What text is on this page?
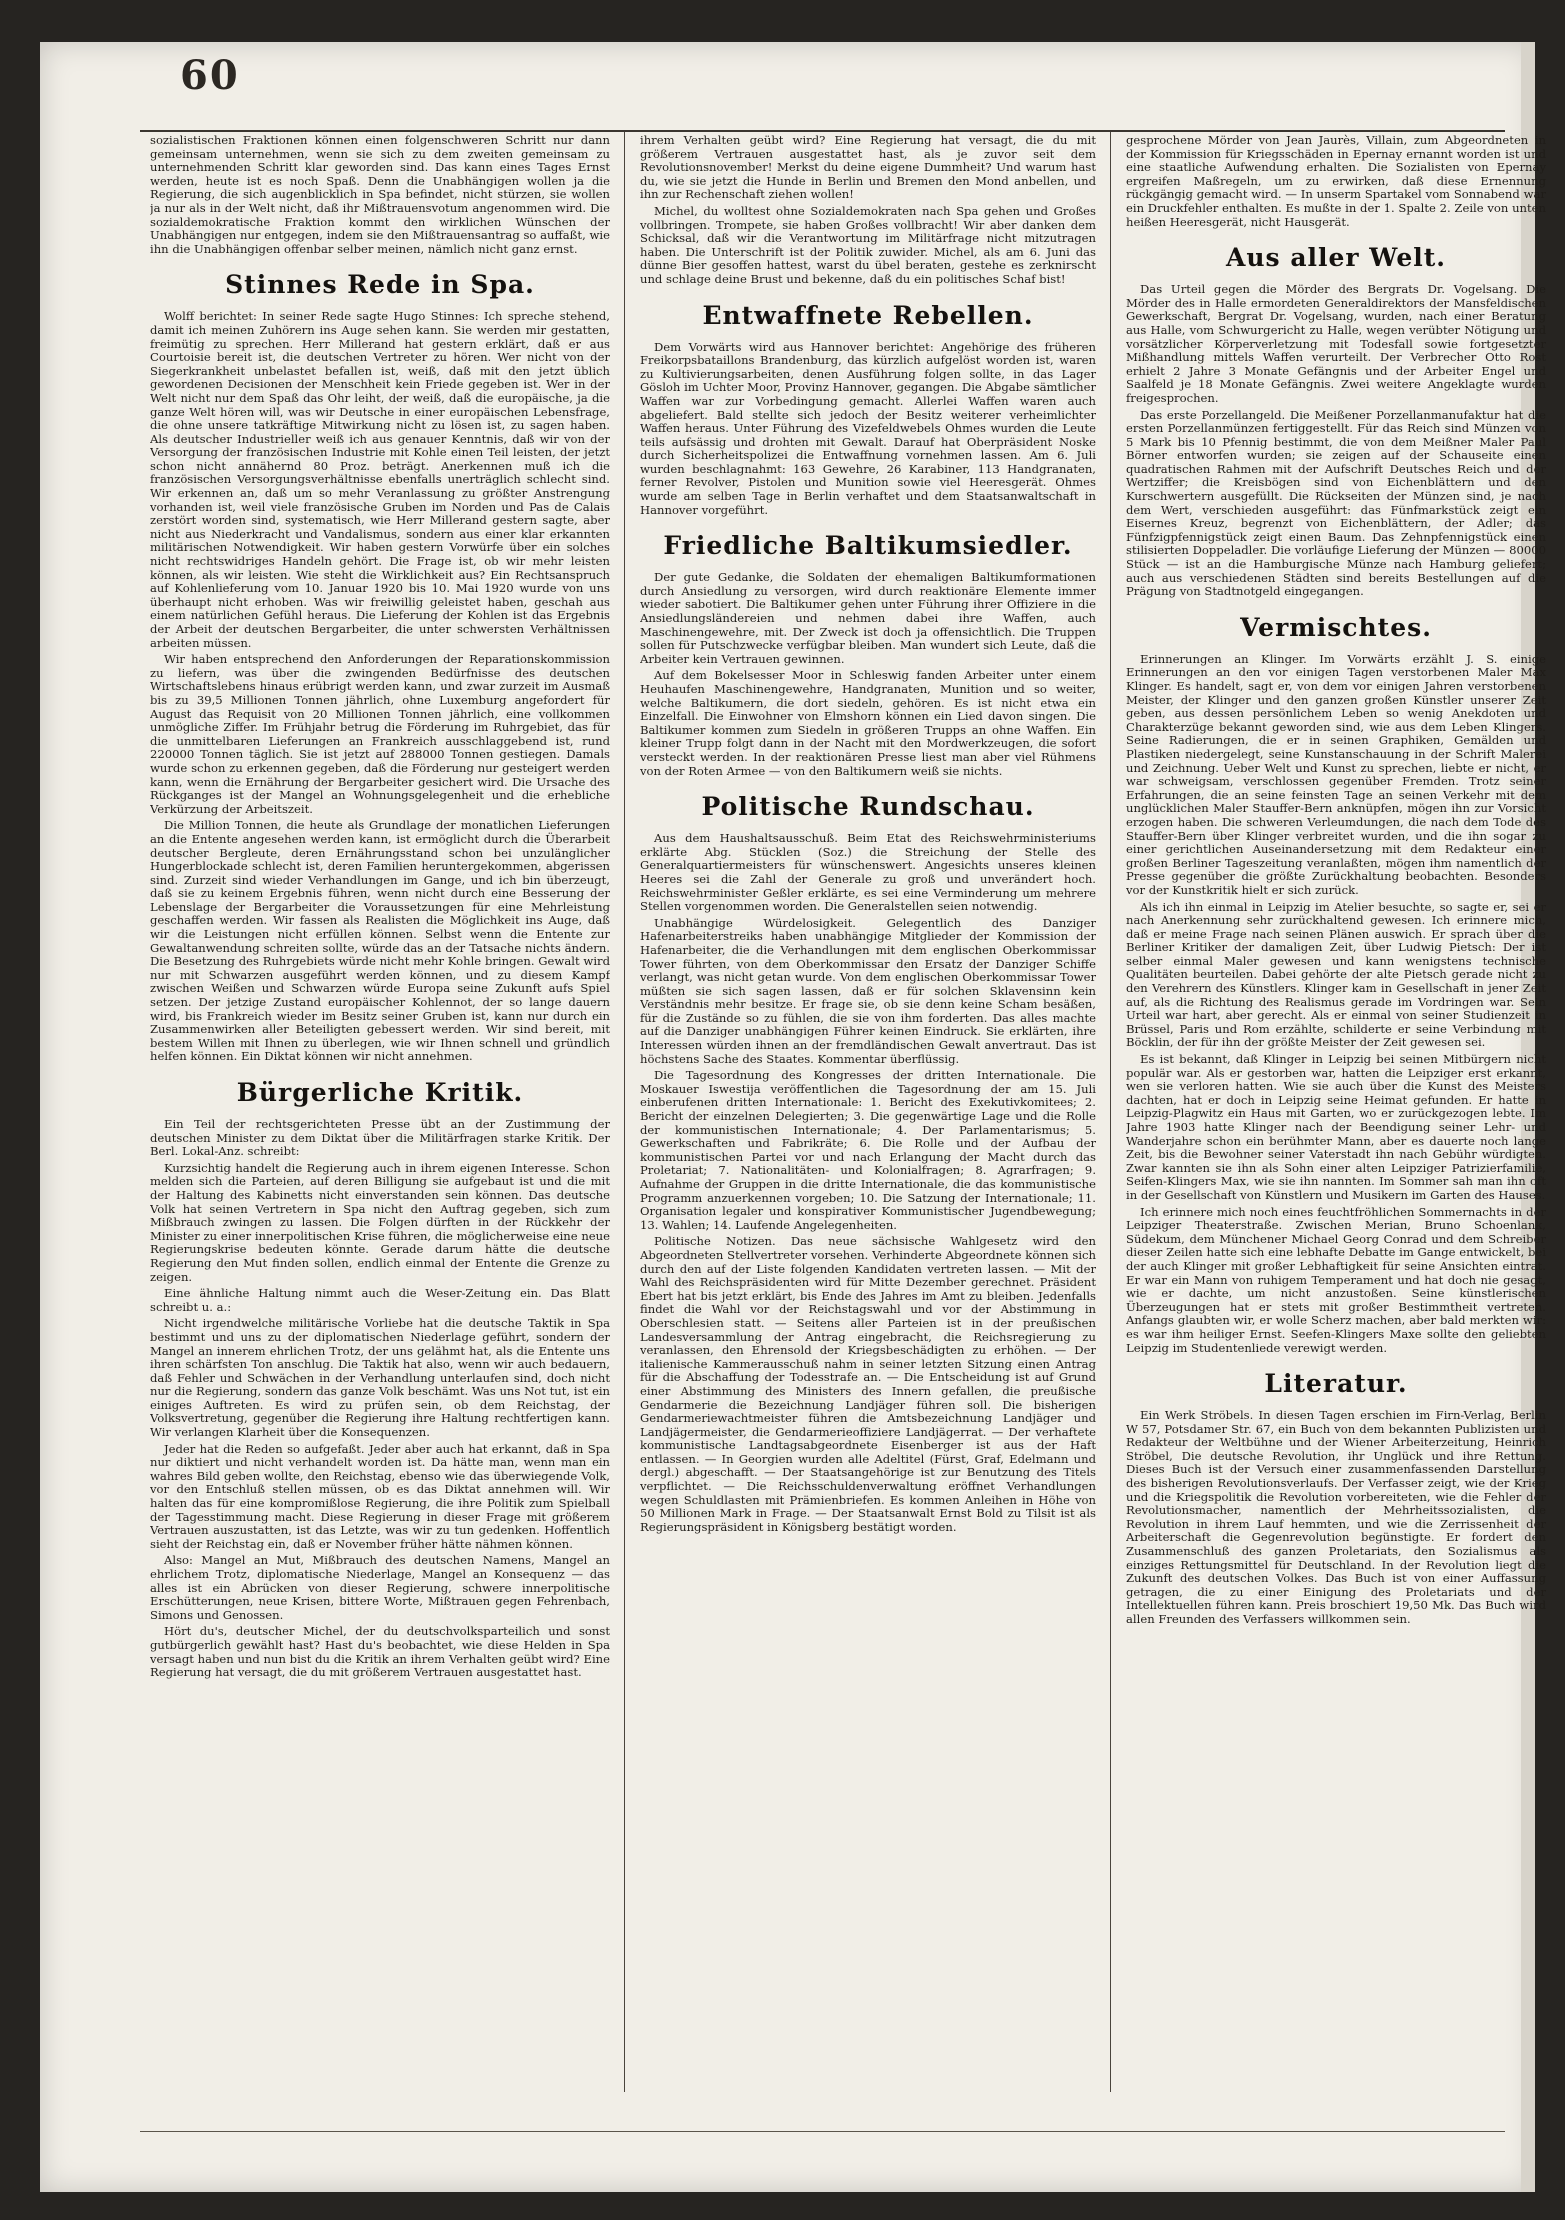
60

sozialistischen Fraktionen können einen folgenschweren Schritt nur dann gemeinsam unternehmen, wenn sie sich zu dem zweiten gemeinsam zu unternehmenden Schritt klar geworden sind. Das kann eines Tages Ernst werden, heute ist es noch Spaß. Denn die Unabhängigen wollen ja die Regierung, die sich augenblicklich in Spa befindet, nicht stürzen, sie wollen ja nur als in der Welt nicht, daß ihr Mißtrauensvotum angenommen wird. Die sozialdemokratische Fraktion kommt den wirklichen Wünschen der Unabhängigen nur entgegen, indem sie den Mißtrauensantrag so auffaßt, wie ihn die Unabhängigen offenbar selber meinen, nämlich nicht ganz ernst.

Stinnes Rede in Spa.

Wolff berichtet: In seiner Rede sagte Hugo Stinnes: Ich spreche stehend, damit ich meinen Zuhörern ins Auge sehen kann. Sie werden mir gestatten, freimütig zu sprechen. Herr Millerand hat gestern erklärt, daß er aus Courtoisie bereit ist, die deutschen Vertreter zu hören. Wer nicht von der Siegerkrankheit unbelastet befallen ist, weiß, daß mit den jetzt üblich gewordenen Decisionen der Menschheit kein Friede gegeben ist. Wer in der Welt nicht nur dem Spaß das Ohr leiht, der weiß, daß die europäische, ja die ganze Welt hören will, was wir Deutsche in einer europäischen Lebensfrage, die ohne unsere tatkräftige Mitwirkung nicht zu lösen ist, zu sagen haben. Als deutscher Industrieller weiß ich aus genauer Kenntnis, daß wir von der Versorgung der französischen Industrie mit Kohle einen Teil leisten, der jetzt schon nicht annähernd 80 Proz. beträgt. Anerkennen muß ich die französischen Versorgungsverhältnisse ebenfalls unerträglich schlecht sind. Wir erkennen an, daß um so mehr Veranlassung zu größter Anstrengung vorhanden ist, weil viele französische Gruben im Norden und Pas de Calais zerstört worden sind, systematisch, wie Herr Millerand gestern sagte, aber nicht aus Niederkracht und Vandalismus, sondern aus einer klar erkannten militärischen Notwendigkeit. Wir haben gestern Vorwürfe über ein solches nicht rechtswidriges Handeln gehört. Die Frage ist, ob wir mehr leisten können, als wir leisten. Wie steht die Wirklichkeit aus? Ein Rechtsanspruch auf Kohlenlieferung vom 10. Januar 1920 bis 10. Mai 1920 wurde von uns überhaupt nicht erhoben. Was wir freiwillig geleistet haben, geschah aus einem natürlichen Gefühl heraus. Die Lieferung der Kohlen ist das Ergebnis der Arbeit der deutschen Bergarbeiter, die unter schwersten Verhältnissen arbeiten müssen.

Wir haben entsprechend den Anforderungen der Reparationskommission zu liefern, was über die zwingenden Bedürfnisse des deutschen Wirtschaftslebens hinaus erübrigt werden kann, und zwar zurzeit im Ausmaß bis zu 39,5 Millionen Tonnen jährlich, ohne Luxemburg angefordert für August das Requisit von 20 Millionen Tonnen jährlich, eine vollkommen unmögliche Ziffer. Im Frühjahr betrug die Förderung im Ruhrgebiet, das für die unmittelbaren Lieferungen an Frankreich ausschlaggebend ist, rund 220000 Tonnen täglich. Sie ist jetzt auf 288000 Tonnen gestiegen. Damals wurde schon zu erkennen gegeben, daß die Förderung nur gesteigert werden kann, wenn die Ernährung der Bergarbeiter gesichert wird. Die Ursache des Rückganges ist der Mangel an Wohnungsgelegenheit und die erhebliche Verkürzung der Arbeitszeit.

Die Million Tonnen, die heute als Grundlage der monatlichen Lieferungen an die Entente angesehen werden kann, ist ermöglicht durch die Überarbeit deutscher Bergleute, deren Ernährungsstand schon bei unzulänglicher Hungerblockade schlecht ist, deren Familien heruntergekommen, abgerissen sind. Zurzeit sind wieder Verhandlungen im Gange, und ich bin überzeugt, daß sie zu keinem Ergebnis führen, wenn nicht durch eine Besserung der Lebenslage der Bergarbeiter die Voraussetzungen für eine Mehrleistung geschaffen werden. Wir fassen als Realisten die Möglichkeit ins Auge, daß wir die Leistungen nicht erfüllen können. Selbst wenn die Entente zur Gewaltanwendung schreiten sollte, würde das an der Tatsache nichts ändern. Die Besetzung des Ruhrgebiets würde nicht mehr Kohle bringen. Gewalt wird nur mit Schwarzen ausgeführt werden können, und zu diesem Kampf zwischen Weißen und Schwarzen würde Europa seine Zukunft aufs Spiel setzen. Der jetzige Zustand europäischer Kohlennot, der so lange dauern wird, bis Frankreich wieder im Besitz seiner Gruben ist, kann nur durch ein Zusammenwirken aller Beteiligten gebessert werden. Wir sind bereit, mit bestem Willen mit Ihnen zu überlegen, wie wir Ihnen schnell und gründlich helfen können. Ein Diktat können wir nicht annehmen.

Bürgerliche Kritik.

Ein Teil der rechtsgerichteten Presse übt an der Zustimmung der deutschen Minister zu dem Diktat über die Militärfragen starke Kritik. Der Berl. Lokal-Anz. schreibt:

Kurzsichtig handelt die Regierung auch in ihrem eigenen Interesse. Schon melden sich die Parteien, auf deren Billigung sie aufgebaut ist und die mit der Haltung des Kabinetts nicht einverstanden sein können. Das deutsche Volk hat seinen Vertretern in Spa nicht den Auftrag gegeben, sich zum Mißbrauch zwingen zu lassen. Die Folgen dürften in der Rückkehr der Minister zu einer innerpolitischen Krise führen, die möglicherweise eine neue Regierungskrise bedeuten könnte. Gerade darum hätte die deutsche Regierung den Mut finden sollen, endlich einmal der Entente die Grenze zu zeigen.

Eine ähnliche Haltung nimmt auch die Weser-Zeitung ein. Das Blatt schreibt u. a.:

Nicht irgendwelche militärische Vorliebe hat die deutsche Taktik in Spa bestimmt und uns zu der diplomatischen Niederlage geführt, sondern der Mangel an innerem ehrlichen Trotz, der uns gelähmt hat, als die Entente uns ihren schärfsten Ton anschlug. Die Taktik hat also, wenn wir auch bedauern, daß Fehler und Schwächen in der Verhandlung unterlaufen sind, doch nicht nur die Regierung, sondern das ganze Volk beschämt. Was uns Not tut, ist ein einiges Auftreten. Es wird zu prüfen sein, ob dem Reichstag, der Volksvertretung, gegenüber die Regierung ihre Haltung rechtfertigen kann. Wir verlangen Klarheit über die Konsequenzen.

Jeder hat die Reden so aufgefaßt. Jeder aber auch hat erkannt, daß in Spa nur diktiert und nicht verhandelt worden ist. Da hätte man, wenn man ein wahres Bild geben wollte, den Reichstag, ebenso wie das überwiegende Volk, vor den Entschluß stellen müssen, ob es das Diktat annehmen will. Wir halten das für eine kompromißlose Regierung, die ihre Politik zum Spielball der Tagesstimmung macht. Diese Regierung in dieser Frage mit größerem Vertrauen auszustatten, ist das Letzte, was wir zu tun gedenken. Hoffentlich sieht der Reichstag ein, daß er November früher hätte nähmen können.

Also: Mangel an Mut, Mißbrauch des deutschen Namens, Mangel an ehrlichem Trotz, diplomatische Niederlage, Mangel an Konsequenz — das alles ist ein Abrücken von dieser Regierung, schwere innerpolitische Erschütterungen, neue Krisen, bittere Worte, Mißtrauen gegen Fehrenbach, Simons und Genossen.

Hört du's, deutscher Michel, der du deutschvolksparteilich und sonst gutbürgerlich gewählt hast? Hast du's beobachtet, wie diese Helden in Spa versagt haben und nun bist du die Kritik an ihrem Verhalten geübt wird? Eine Regierung hat versagt, die du mit größerem Vertrauen ausgestattet hast.

ihrem Verhalten geübt wird? Eine Regierung hat versagt, die du mit größerem Vertrauen ausgestattet hast, als je zuvor seit dem Revolutionsnovember! Merkst du deine eigene Dummheit? Und warum hast du, wie sie jetzt die Hunde in Berlin und Bremen den Mond anbellen, und ihn zur Rechenschaft ziehen wollen!

Michel, du wolltest ohne Sozialdemokraten nach Spa gehen und Großes vollbringen. Trompete, sie haben Großes vollbracht! Wir aber danken dem Schicksal, daß wir die Verantwortung im Militärfrage nicht mitzutragen haben. Die Unterschrift ist der Politik zuwider. Michel, als am 6. Juni das dünne Bier gesoffen hattest, warst du übel beraten, gestehe es zerknirscht und schlage deine Brust und bekenne, daß du ein politisches Schaf bist!

Entwaffnete Rebellen.

Dem Vorwärts wird aus Hannover berichtet: Angehörige des früheren Freikorpsbataillons Brandenburg, das kürzlich aufgelöst worden ist, waren zu Kultivierungsarbeiten, denen Ausführung folgen sollte, in das Lager Gösloh im Uchter Moor, Provinz Hannover, gegangen. Die Abgabe sämtlicher Waffen war zur Vorbedingung gemacht. Allerlei Waffen waren auch abgeliefert. Bald stellte sich jedoch der Besitz weiterer verheimlichter Waffen heraus. Unter Führung des Vizefeldwebels Ohmes wurden die Leute teils aufsässig und drohten mit Gewalt. Darauf hat Oberpräsident Noske durch Sicherheitspolizei die Entwaffnung vornehmen lassen. Am 6. Juli wurden beschlagnahmt: 163 Gewehre, 26 Karabiner, 113 Handgranaten, ferner Revolver, Pistolen und Munition sowie viel Heeresgerät. Ohmes wurde am selben Tage in Berlin verhaftet und dem Staatsanwaltschaft in Hannover vorgeführt.

Friedliche Baltikumsiedler.

Der gute Gedanke, die Soldaten der ehemaligen Baltikumformationen durch Ansiedlung zu versorgen, wird durch reaktionäre Elemente immer wieder sabotiert. Die Baltikumer gehen unter Führung ihrer Offiziere in die Ansiedlungsländereien und nehmen dabei ihre Waffen, auch Maschinengewehre, mit. Der Zweck ist doch ja offensichtlich. Die Truppen sollen für Putschzwecke verfügbar bleiben. Man wundert sich Leute, daß die Arbeiter kein Vertrauen gewinnen.

Auf dem Bokelsesser Moor in Schleswig fanden Arbeiter unter einem Heuhaufen Maschinengewehre, Handgranaten, Munition und so weiter, welche Baltikumern, die dort siedeln, gehören. Es ist nicht etwa ein Einzelfall. Die Einwohner von Elmshorn können ein Lied davon singen. Die Baltikumer kommen zum Siedeln in größeren Trupps an ohne Waffen. Ein kleiner Trupp folgt dann in der Nacht mit den Mordwerkzeugen, die sofort versteckt werden. In der reaktionären Presse liest man aber viel Rühmens von der Roten Armee — von den Baltikumern weiß sie nichts.

Politische Rundschau.

Aus dem Haushaltsausschuß. Beim Etat des Reichswehrministeriums erklärte Abg. Stücklen (Soz.) die Streichung der Stelle des Generalquartiermeisters für wünschenswert. Angesichts unseres kleinen Heeres sei die Zahl der Generale zu groß und unverändert hoch. Reichswehrminister Geßler erklärte, es sei eine Verminderung um mehrere Stellen vorgenommen worden. Die Generalstellen seien notwendig.

Unabhängige Würdelosigkeit. Gelegentlich des Danziger Hafenarbeiterstreiks haben unabhängige Mitglieder der Kommission der Hafenarbeiter, die die Verhandlungen mit dem englischen Oberkommissar Tower führten, von dem Oberkommissar den Ersatz der Danziger Schiffe verlangt, was nicht getan wurde. Von dem englischen Oberkommissar Tower müßten sie sich sagen lassen, daß er für solchen Sklavensinn kein Verständnis mehr besitze. Er frage sie, ob sie denn keine Scham besäßen, für die Zustände so zu fühlen, die sie von ihm forderten. Das alles machte auf die Danziger unabhängigen Führer keinen Eindruck. Sie erklärten, ihre Interessen würden ihnen an der fremdländischen Gewalt anvertraut. Das ist höchstens Sache des Staates. Kommentar überflüssig.

Die Tagesordnung des Kongresses der dritten Internationale. Die Moskauer Iswestija veröffentlichen die Tagesordnung der am 15. Juli einberufenen dritten Internationale: 1. Bericht des Exekutivkomitees; 2. Bericht der einzelnen Delegierten; 3. Die gegenwärtige Lage und die Rolle der kommunistischen Internationale; 4. Der Parlamentarismus; 5. Gewerkschaften und Fabrikräte; 6. Die Rolle und der Aufbau der kommunistischen Partei vor und nach Erlangung der Macht durch das Proletariat; 7. Nationalitäten- und Kolonialfragen; 8. Agrarfragen; 9. Aufnahme der Gruppen in die dritte Internationale, die das kommunistische Programm anzuerkennen vorgeben; 10. Die Satzung der Internationale; 11. Organisation legaler und konspirativer Kommunistischer Jugendbewegung; 13. Wahlen; 14. Laufende Angelegenheiten.

Politische Notizen. Das neue sächsische Wahlgesetz wird den Abgeordneten Stellvertreter vorsehen. Verhinderte Abgeordnete können sich durch den auf der Liste folgenden Kandidaten vertreten lassen. — Mit der Wahl des Reichspräsidenten wird für Mitte Dezember gerechnet. Präsident Ebert hat bis jetzt erklärt, bis Ende des Jahres im Amt zu bleiben. Jedenfalls findet die Wahl vor der Reichstagswahl und vor der Abstimmung in Oberschlesien statt. — Seitens aller Parteien ist in der preußischen Landesversammlung der Antrag eingebracht, die Reichsregierung zu veranlassen, den Ehrensold der Kriegsbeschädigten zu erhöhen. — Der italienische Kammerausschuß nahm in seiner letzten Sitzung einen Antrag für die Abschaffung der Todesstrafe an. — Die Entscheidung ist auf Grund einer Abstimmung des Ministers des Innern gefallen, die preußische Gendarmerie die Bezeichnung Landjäger führen soll. Die bisherigen Gendarmeriewachtmeister führen die Amtsbezeichnung Landjäger und Landjägermeister, die Gendarmerieoffiziere Landjägerrat. — Der verhaftete kommunistische Landtagsabgeordnete Eisenberger ist aus der Haft entlassen. — In Georgien wurden alle Adeltitel (Fürst, Graf, Edelmann und dergl.) abgeschafft. — Der Staatsangehörige ist zur Benutzung des Titels verpflichtet. — Die Reichsschuldenverwaltung eröffnet Verhandlungen wegen Schuldlasten mit Prämienbriefen. Es kommen Anleihen in Höhe von 50 Millionen Mark in Frage. — Der Staatsanwalt Ernst Bold zu Tilsit ist als Regierungspräsident in Königsberg bestätigt worden.

gesprochene Mörder von Jean Jaurès, Villain, zum Abgeordneten in der Kommission für Kriegsschäden in Epernay ernannt worden ist und eine staatliche Aufwendung erhalten. Die Sozialisten von Epernay ergreifen Maßregeln, um zu erwirken, daß diese Ernennung rückgängig gemacht wird. — In unserm Spartakel vom Sonnabend war ein Druckfehler enthalten. Es mußte in der 1. Spalte 2. Zeile von unten heißen Heeresgerät, nicht Hausgerät.

Aus aller Welt.

Das Urteil gegen die Mörder des Bergrats Dr. Vogelsang. Die Mörder des in Halle ermordeten Generaldirektors der Mansfeldischen Gewerkschaft, Bergrat Dr. Vogelsang, wurden, nach einer Beratung aus Halle, vom Schwurgericht zu Halle, wegen verübter Nötigung und vorsätzlicher Körperverletzung mit Todesfall sowie fortgesetzter Mißhandlung mittels Waffen verurteilt. Der Verbrecher Otto Rost erhielt 2 Jahre 3 Monate Gefängnis und der Arbeiter Engel und Saalfeld je 18 Monate Gefängnis. Zwei weitere Angeklagte wurden freigesprochen.

Das erste Porzellangeld. Die Meißener Porzellanmanufaktur hat die ersten Porzellanmünzen fertiggestellt. Für das Reich sind Münzen von 5 Mark bis 10 Pfennig bestimmt, die von dem Meißner Maler Paul Börner entworfen wurden; sie zeigen auf der Schauseite einen quadratischen Rahmen mit der Aufschrift Deutsches Reich und der Wertziffer; die Kreisbögen sind von Eichenblättern und den Kurschwertern ausgefüllt. Die Rückseiten der Münzen sind, je nach dem Wert, verschieden ausgeführt: das Fünfmarkstück zeigt ein Eisernes Kreuz, begrenzt von Eichenblättern, der Adler; das Fünfzigpfennigstück zeigt einen Baum. Das Zehnpfennigstück einen stilisierten Doppeladler. Die vorläufige Lieferung der Münzen — 80000 Stück — ist an die Hamburgische Münze nach Hamburg geliefert; auch aus verschiedenen Städten sind bereits Bestellungen auf die Prägung von Stadtnotgeld eingegangen.

Vermischtes.

Erinnerungen an Klinger. Im Vorwärts erzählt J. S. einige Erinnerungen an den vor einigen Tagen verstorbenen Maler Max Klinger. Es handelt, sagt er, von dem vor einigen Jahren verstorbenen Meister, der Klinger und den ganzen großen Künstler unserer Zeit geben, aus dessen persönlichem Leben so wenig Anekdoten und Charakterzüge bekannt geworden sind, wie aus dem Leben Klingers. Seine Radierungen, die er in seinen Graphiken, Gemälden und Plastiken niedergelegt, seine Kunstanschauung in der Schrift Malerei und Zeichnung. Ueber Welt und Kunst zu sprechen, liebte er nicht, er war schweigsam, verschlossen gegenüber Fremden. Trotz seiner Erfahrungen, die an seine feinsten Tage an seinen Verkehr mit dem unglücklichen Maler Stauffer-Bern anknüpfen, mögen ihn zur Vorsicht erzogen haben. Die schweren Verleumdungen, die nach dem Tode des Stauffer-Bern über Klinger verbreitet wurden, und die ihn sogar zu einer gerichtlichen Auseinandersetzung mit dem Redakteur einer großen Berliner Tageszeitung veranlaßten, mögen ihm namentlich der Presse gegenüber die größte Zurückhaltung beobachten. Besonders vor der Kunstkritik hielt er sich zurück.

Als ich ihn einmal in Leipzig im Atelier besuchte, so sagte er, sei er nach Anerkennung sehr zurückhaltend gewesen. Ich erinnere mich, daß er meine Frage nach seinen Plänen auswich. Er sprach über die Berliner Kritiker der damaligen Zeit, über Ludwig Pietsch: Der ist selber einmal Maler gewesen und kann wenigstens technische Qualitäten beurteilen. Dabei gehörte der alte Pietsch gerade nicht zu den Verehrern des Künstlers. Klinger kam in Gesellschaft in jener Zeit auf, als die Richtung des Realismus gerade im Vordringen war. Sein Urteil war hart, aber gerecht. Als er einmal von seiner Studienzeit in Brüssel, Paris und Rom erzählte, schilderte er seine Verbindung mit Böcklin, der für ihn der größte Meister der Zeit gewesen sei.

Es ist bekannt, daß Klinger in Leipzig bei seinen Mitbürgern nicht populär war. Als er gestorben war, hatten die Leipziger erst erkannt, wen sie verloren hatten. Wie sie auch über die Kunst des Meisters dachten, hat er doch in Leipzig seine Heimat gefunden. Er hatte in Leipzig-Plagwitz ein Haus mit Garten, wo er zurückgezogen lebte. Im Jahre 1903 hatte Klinger nach der Beendigung seiner Lehr- und Wanderjahre schon ein berühmter Mann, aber es dauerte noch lange Zeit, bis die Bewohner seiner Vaterstadt ihn nach Gebühr würdigten. Zwar kannten sie ihn als Sohn einer alten Leipziger Patrizierfamilie, Seifen-Klingers Max, wie sie ihn nannten. Im Sommer sah man ihn oft in der Gesellschaft von Künstlern und Musikern im Garten des Hauses.

Ich erinnere mich noch eines feuchtfröhlichen Sommernachts in der Leipziger Theaterstraße. Zwischen Merian, Bruno Schoenlank, Südekum, dem Münchener Michael Georg Conrad und dem Schreiber dieser Zeilen hatte sich eine lebhafte Debatte im Gange entwickelt, bei der auch Klinger mit großer Lebhaftigkeit für seine Ansichten eintrat. Er war ein Mann von ruhigem Temperament und hat doch nie gesagt, wie er dachte, um nicht anzustoßen. Seine künstlerischen Überzeugungen hat er stets mit großer Bestimmtheit vertreten. Anfangs glaubten wir, er wolle Scherz machen, aber bald merkten wir: es war ihm heiliger Ernst. Seefen-Klingers Maxe sollte den geliebten Leipzig im Studentenliede verewigt werden.

Literatur.

Ein Werk Ströbels. In diesen Tagen erschien im Firn-Verlag, Berlin W 57, Potsdamer Str. 67, ein Buch von dem bekannten Publizisten und Redakteur der Weltbühne und der Wiener Arbeiterzeitung, Heinrich Ströbel, Die deutsche Revolution, ihr Unglück und ihre Rettung. Dieses Buch ist der Versuch einer zusammenfassenden Darstellung des bisherigen Revolutionsverlaufs. Der Verfasser zeigt, wie der Krieg und die Kriegspolitik die Revolution vorbereiteten, wie die Fehler der Revolutionsmacher, namentlich der Mehrheitssozialisten, die Revolution in ihrem Lauf hemmten, und wie die Zerrissenheit der Arbeiterschaft die Gegenrevolution begünstigte. Er fordert den Zusammenschluß des ganzen Proletariats, den Sozialismus als einziges Rettungsmittel für Deutschland. In der Revolution liegt die Zukunft des deutschen Volkes. Das Buch ist von einer Auffassung getragen, die zu einer Einigung des Proletariats und der Intellektuellen führen kann. Preis broschiert 19,50 Mk. Das Buch wird allen Freunden des Verfassers willkommen sein.
